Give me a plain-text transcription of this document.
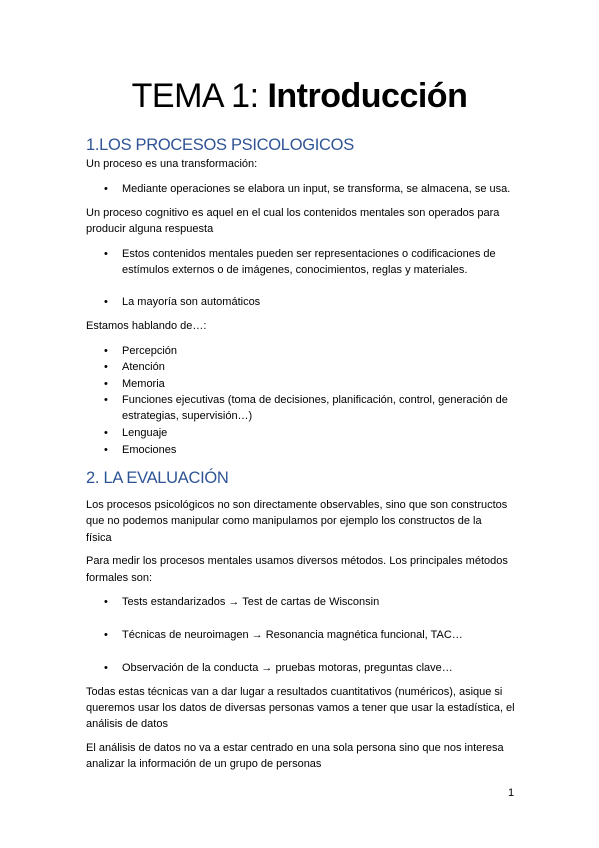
TEMA 1: Introducción
1.LOS PROCESOS PSICOLOGICOS
Un proceso es una transformación:
• Mediante operaciones se elabora un input, se transforma, se almacena, se usa.
Un proceso cognitivo es aquel en el cual los contenidos mentales son operados para
producir alguna respuesta
• Estos contenidos mentales pueden ser representaciones o codificaciones de
estímulos externos o de imágenes, conocimientos, reglas y materiales.
• La mayoría son automáticos
Estamos hablando de…:
• Percepción
• Atención
• Memoria
• Funciones ejecutivas (toma de decisiones, planificación, control, generación de
estrategias, supervisión…)
• Lenguaje
• Emociones
2. LA EVALUACIÓN
Los procesos psicológicos no son directamente observables, sino que son constructos
que no podemos manipular como manipulamos por ejemplo los constructos de la
física
Para medir los procesos mentales usamos diversos métodos. Los principales métodos
formales son:
• Tests estandarizados → Test de cartas de Wisconsin
• Técnicas de neuroimagen → Resonancia magnética funcional, TAC…
• Observación de la conducta → pruebas motoras, preguntas clave…
Todas estas técnicas van a dar lugar a resultados cuantitativos (numéricos), asique si
queremos usar los datos de diversas personas vamos a tener que usar la estadística, el
análisis de datos
El análisis de datos no va a estar centrado en una sola persona sino que nos interesa
analizar la información de un grupo de personas
1
